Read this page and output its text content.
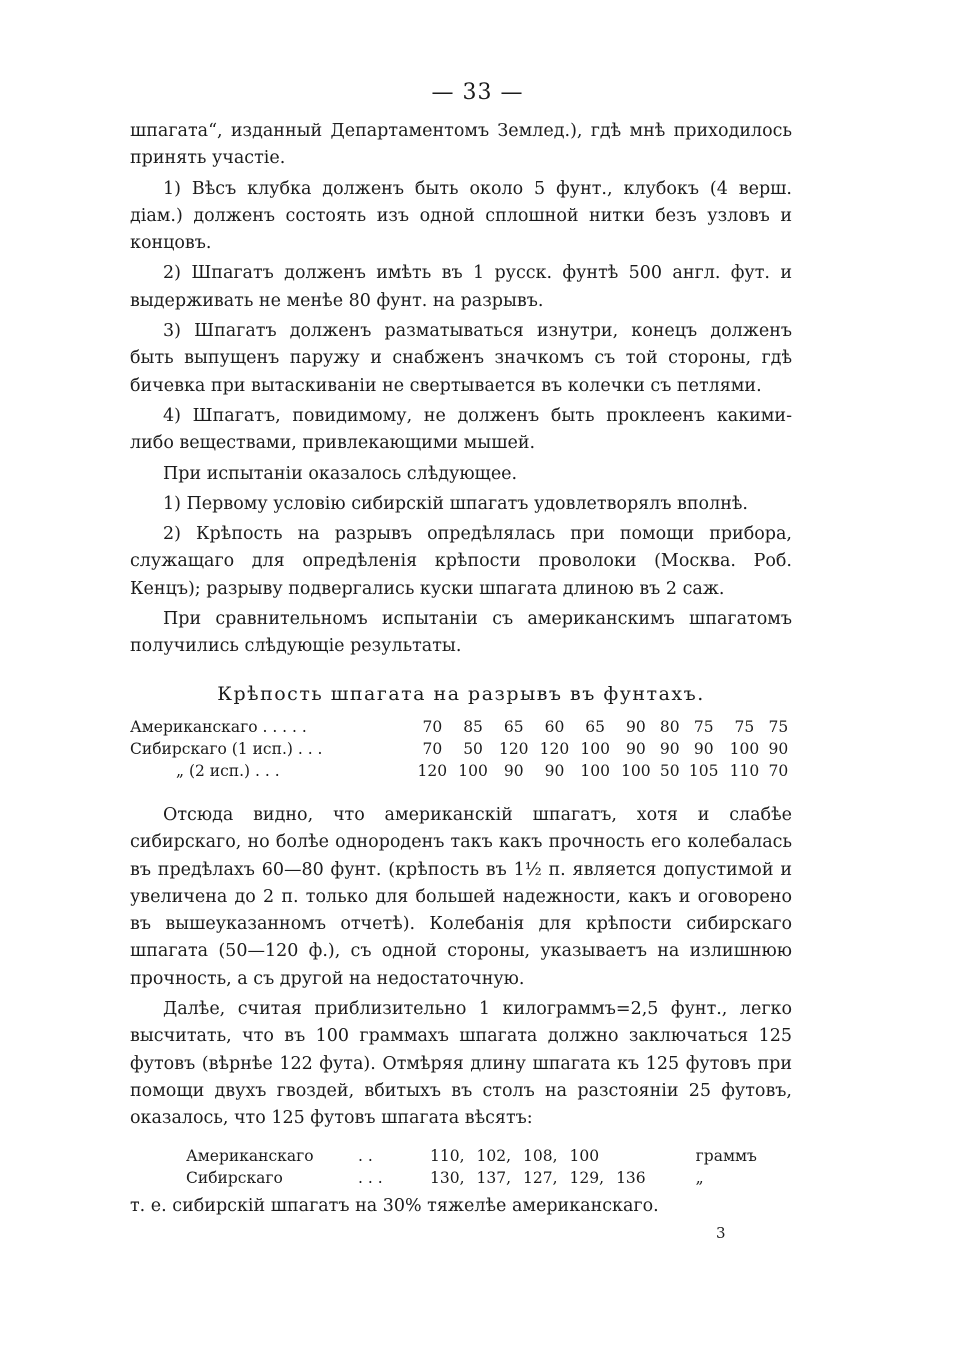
— 33 —

шпагата“, изданный Департаментомъ Землед.), гдѣ мнѣ приходилось принять участіе.

1) Вѣсъ клубка долженъ быть около 5 фунт., клубокъ (4 верш. діам.) долженъ состоять изъ одной сплошной нитки безъ узловъ и концовъ.

2) Шпагатъ долженъ имѣть въ 1 русск. фунтѣ 500 англ. фут. и выдерживать не менѣе 80 фунт. на разрывъ.

3) Шпагатъ долженъ разматываться изнутри, конецъ долженъ быть выпущенъ паружу и снабженъ значкомъ съ той стороны, гдѣ бичевка при вытаскиваніи не свертывается въ колечки съ петлями.

4) Шпагатъ, повидимому, не долженъ быть проклеенъ какими-либо веществами, привлекающими мышей.

При испытаніи оказалось слѣдующее.

1) Первому условію сибирскій шпагатъ удовлетворялъ вполнѣ.

2) Крѣпость на разрывъ опредѣлялась при помощи прибора, служащаго для опредѣленія крѣпости проволоки (Москва. Роб. Кенцъ); разрыву подвергались куски шпагата длиною въ 2 саж.

При сравнительномъ испытаніи съ американскимъ шпагатомъ получились слѣдующіе результаты.

Крѣпость шпагата на разрывъ въ фунтахъ.
Американскаго . . . . .	70	85	65	60	65	90	80	75	75	75
Сибирскаго (1 исп.) . . .	70	50	120	120	100	90	90	90	100	90
„ (2 исп.) . . .	120	100	90	90	100	100	50	105	110	70

Отсюда видно, что американскій шпагатъ, хотя и слабѣе сибирскаго, но болѣе однороденъ такъ какъ прочность его колебалась въ предѣлахъ 60—80 фунт. (крѣпость въ 1½ п. является допустимой и увеличена до 2 п. только для большей надежности, какъ и оговорено въ вышеуказанномъ отчетѣ). Колебанія для крѣпости сибирскаго шпагата (50—120 ф.), съ одной стороны, указываетъ на излишнюю прочность, а съ другой на недостаточную.

Далѣе, считая приблизительно 1 килограммъ=2,5 фунт., легко высчитать, что въ 100 граммахъ шпагата должно заключаться 125 футовъ (вѣрнѣе 122 фута). Отмѣряя длину шпагата къ 125 футовъ при помощи двухъ гвоздей, вбитыхъ въ столъ на разстояніи 25 футовъ, оказалось, что 125 футовъ шпагата вѣсятъ:

Американскаго	. .	110,	102,	108,	100		граммъ
Сибирскаго	. . .	130,	137,	127,	129,	136	„

т. е. сибирскій шпагатъ на 30% тяжелѣе американскаго.

3
